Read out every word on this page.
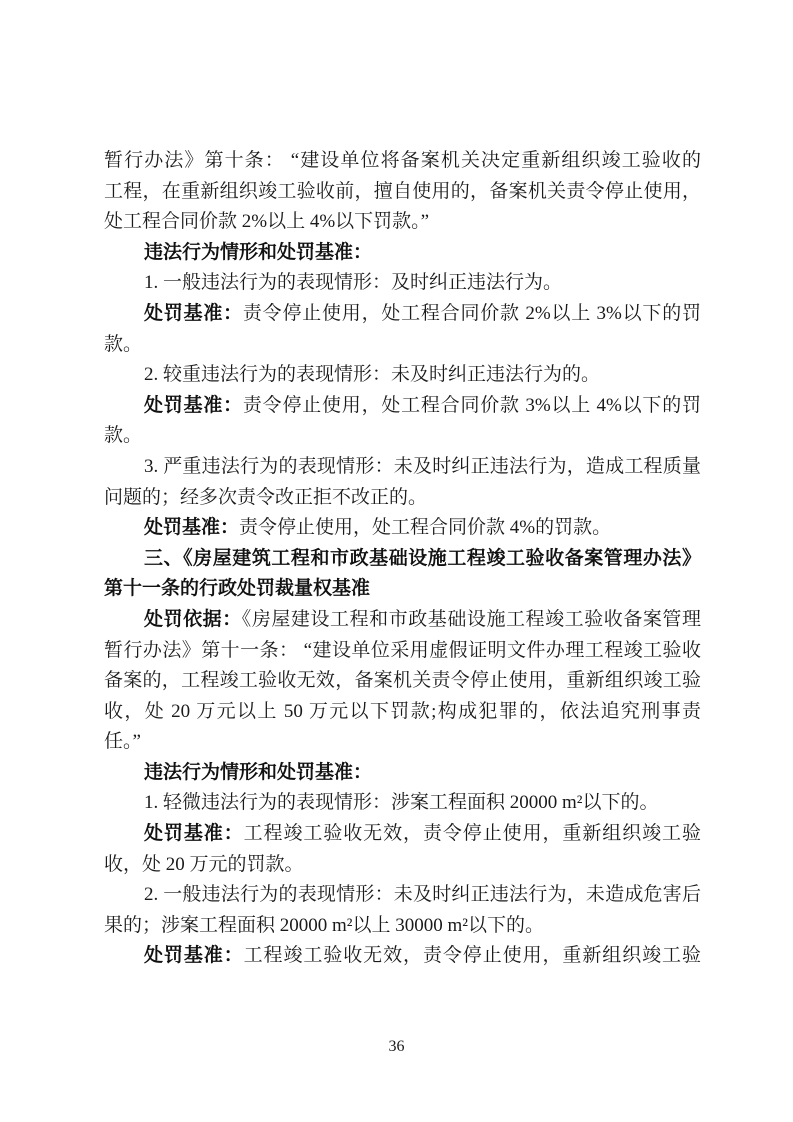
暂行办法》第十条： “建设单位将备案机关决定重新组织竣工验收的
工程，在重新组织竣工验收前，擅自使用的，备案机关责令停止使用，
处工程合同价款 2%以上 4%以下罚款。”
违法行为情形和处罚基准：
1. 一般违法行为的表现情形：及时纠正违法行为。
处罚基准：责令停止使用，处工程合同价款 2%以上 3%以下的罚
款。
2. 较重违法行为的表现情形：未及时纠正违法行为的。
处罚基准：责令停止使用，处工程合同价款 3%以上 4%以下的罚
款。
3. 严重违法行为的表现情形：未及时纠正违法行为，造成工程质量
问题的；经多次责令改正拒不改正的。
处罚基准：责令停止使用，处工程合同价款 4%的罚款。
三、《房屋建筑工程和市政基础设施工程竣工验收备案管理办法》
第十一条的行政处罚裁量权基准
处罚依据：《房屋建设工程和市政基础设施工程竣工验收备案管理
暂行办法》第十一条： “建设单位采用虚假证明文件办理工程竣工验收
备案的，工程竣工验收无效，备案机关责令停止使用，重新组织竣工验
收，处 20 万元以上 50 万元以下罚款;构成犯罪的，依法追究刑事责
任。”
违法行为情形和处罚基准：
1. 轻微违法行为的表现情形：涉案工程面积 20000 m²以下的。
处罚基准：工程竣工验收无效，责令停止使用，重新组织竣工验
收，处 20 万元的罚款。
2. 一般违法行为的表现情形：未及时纠正违法行为，未造成危害后
果的；涉案工程面积 20000 m²以上 30000 m²以下的。
处罚基准：工程竣工验收无效，责令停止使用，重新组织竣工验
36
